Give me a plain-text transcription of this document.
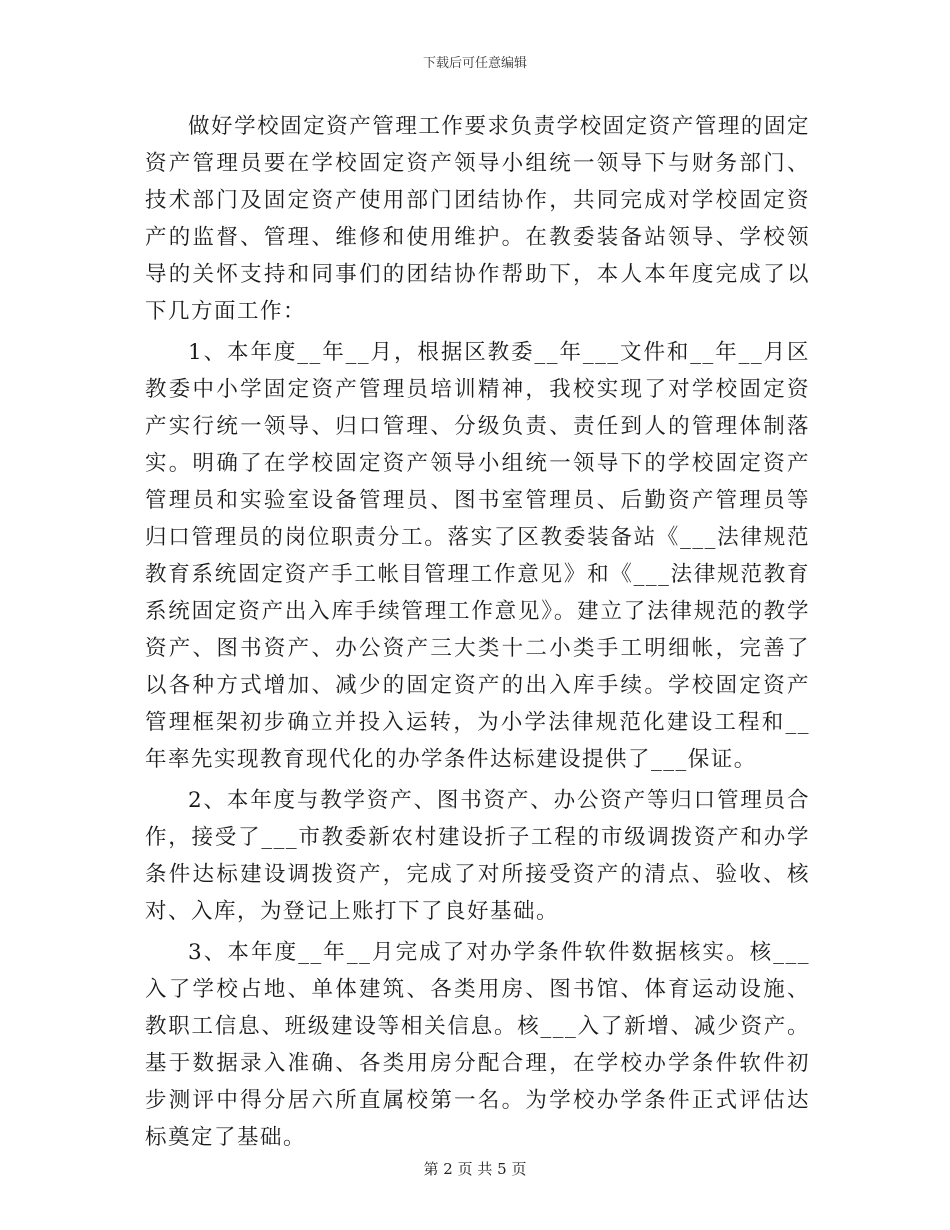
下载后可任意编辑

做好学校固定资产管理工作要求负责学校固定资产管理的固定资产管理员要在学校固定资产领导小组统一领导下与财务部门、技术部门及固定资产使用部门团结协作，共同完成对学校固定资产的监督、管理、维修和使用维护。在教委装备站领导、学校领导的关怀支持和同事们的团结协作帮助下，本人本年度完成了以下几方面工作：

1、本年度__年__月，根据区教委__年___文件和__年__月区教委中小学固定资产管理员培训精神，我校实现了对学校固定资产实行统一领导、归口管理、分级负责、责任到人的管理体制落实。明确了在学校固定资产领导小组统一领导下的学校固定资产管理员和实验室设备管理员、图书室管理员、后勤资产管理员等归口管理员的岗位职责分工。落实了区教委装备站《___法律规范教育系统固定资产手工帐目管理工作意见》和《___法律规范教育系统固定资产出入库手续管理工作意见》。建立了法律规范的教学资产、图书资产、办公资产三大类十二小类手工明细帐，完善了以各种方式增加、减少的固定资产的出入库手续。学校固定资产管理框架初步确立并投入运转，为小学法律规范化建设工程和__年率先实现教育现代化的办学条件达标建设提供了___保证。

2、本年度与教学资产、图书资产、办公资产等归口管理员合作，接受了___市教委新农村建设折子工程的市级调拨资产和办学条件达标建设调拨资产，完成了对所接受资产的清点、验收、核对、入库，为登记上账打下了良好基础。

3、本年度__年__月完成了对办学条件软件数据核实。核___入了学校占地、单体建筑、各类用房、图书馆、体育运动设施、教职工信息、班级建设等相关信息。核___入了新增、减少资产。基于数据录入准确、各类用房分配合理，在学校办学条件软件初步测评中得分居六所直属校第一名。为学校办学条件正式评估达标奠定了基础。

第 2 页 共 5 页
